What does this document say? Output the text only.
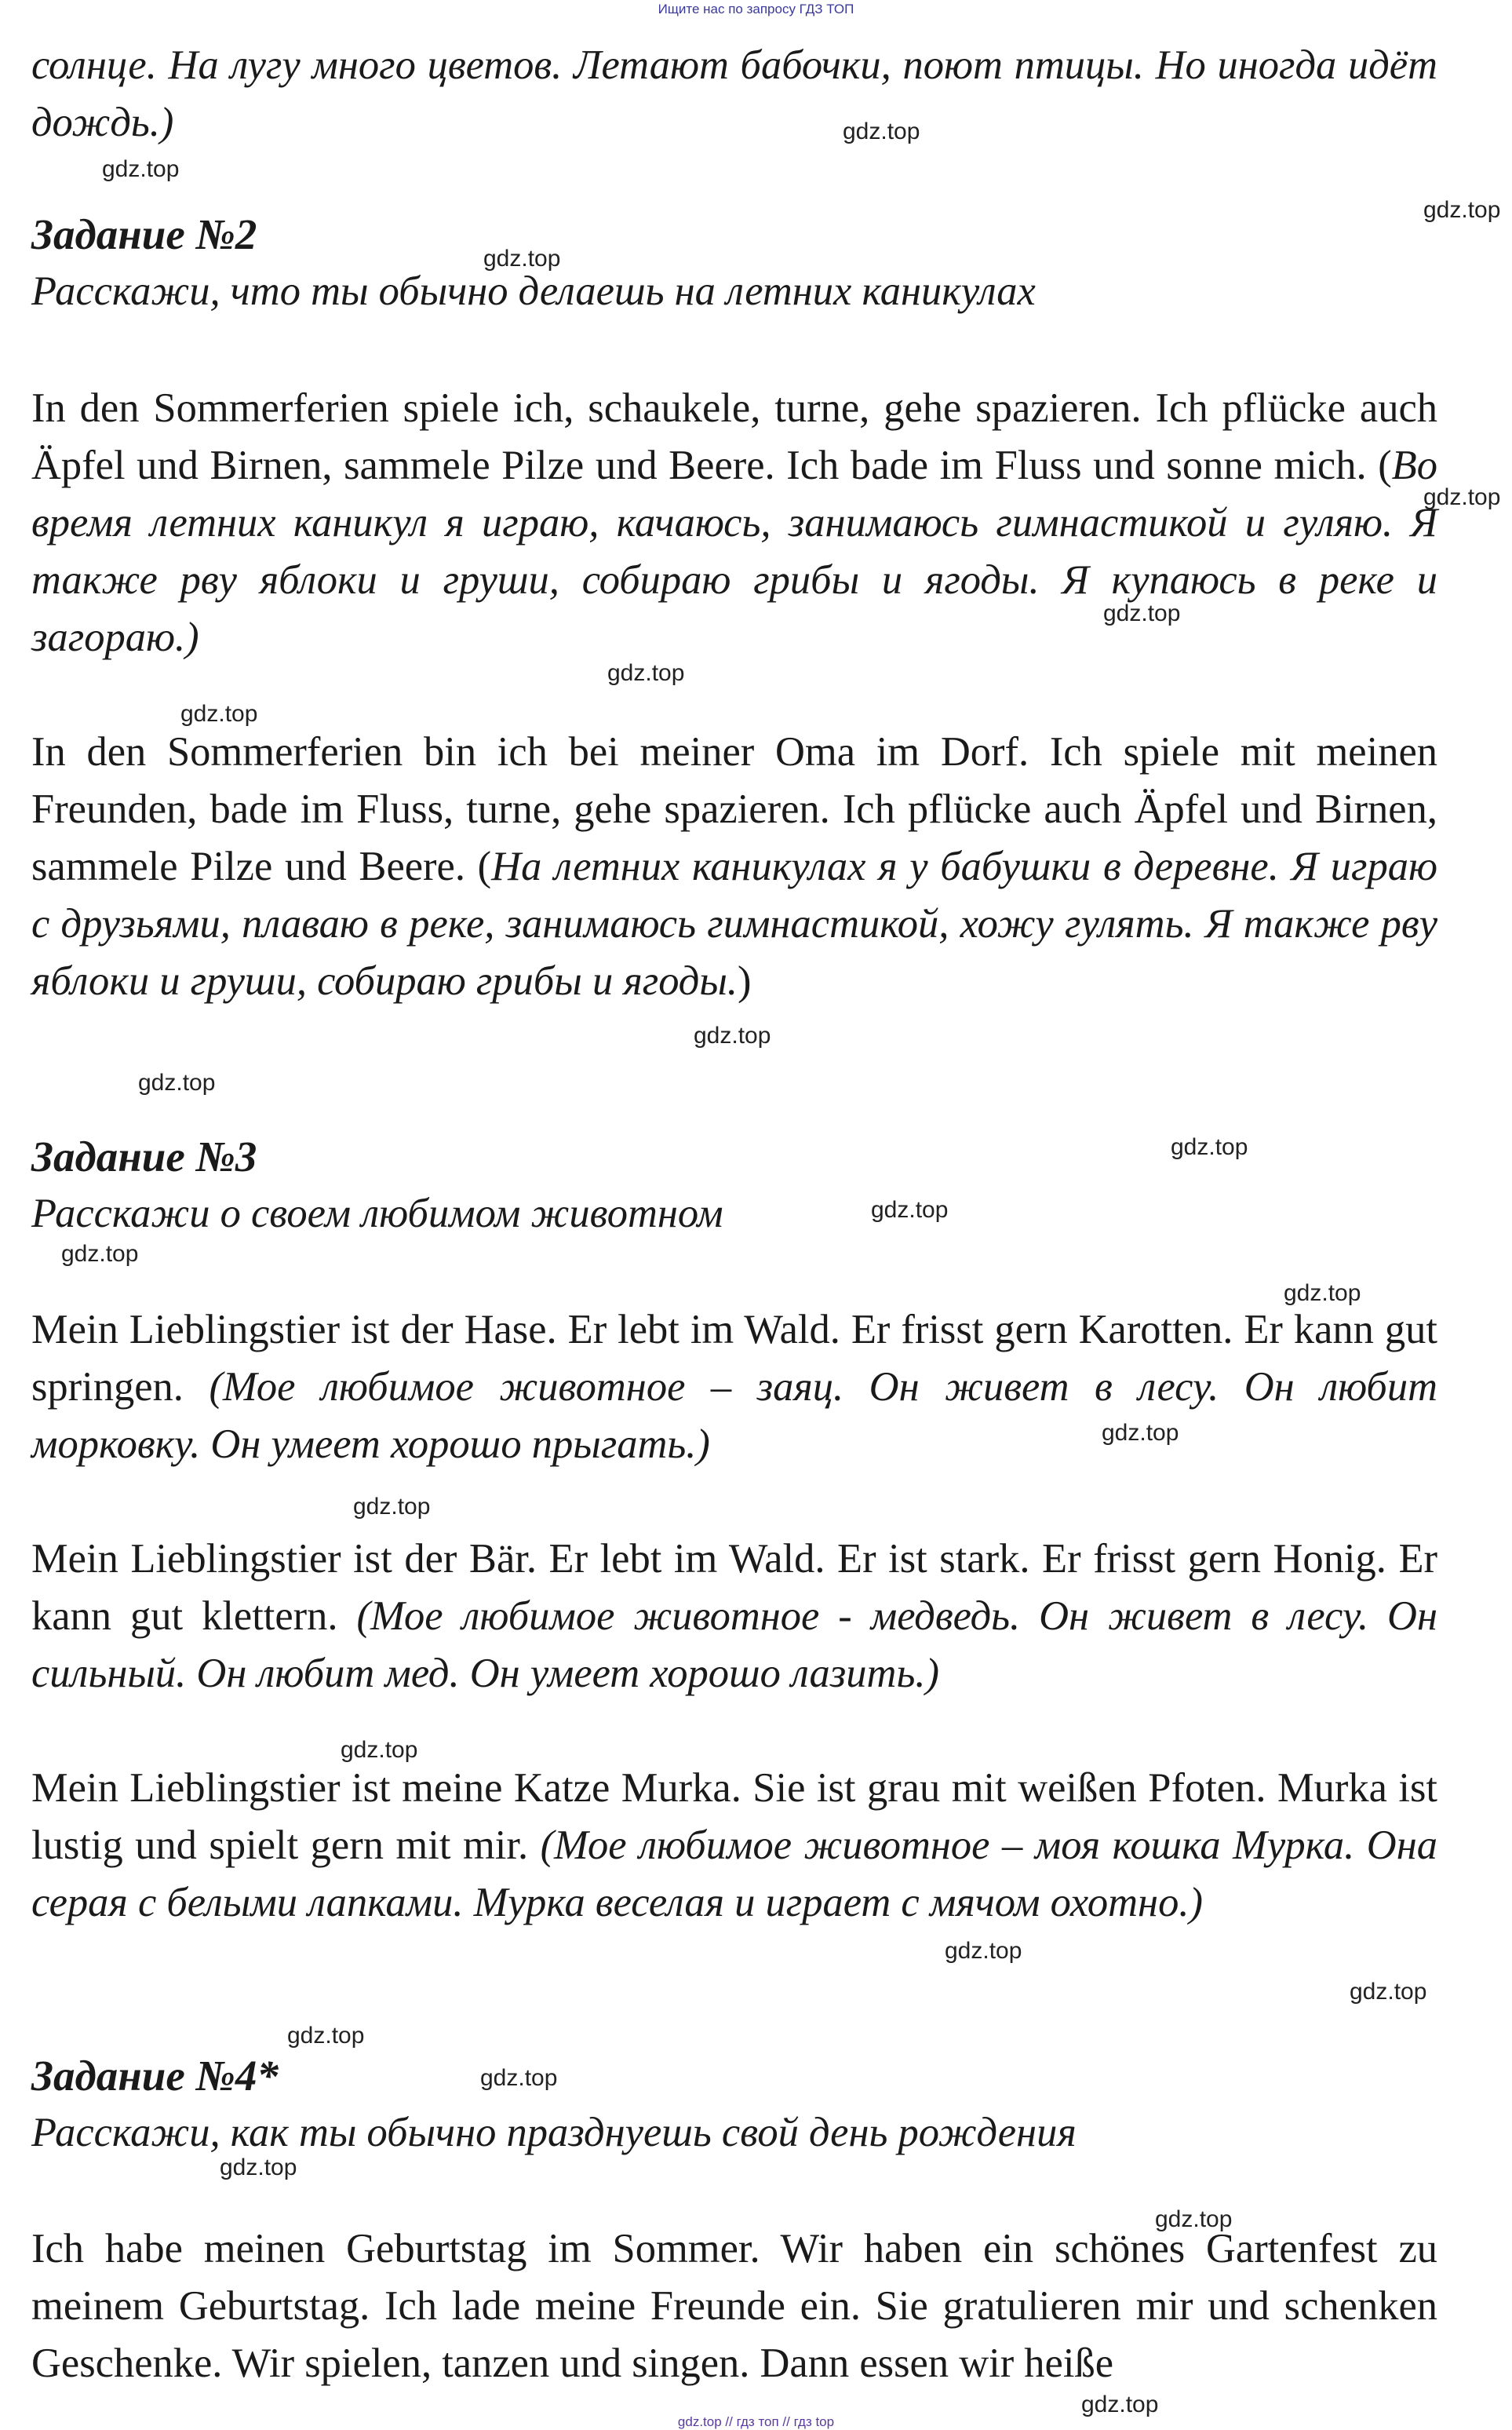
Ищите нас по запросу ГДЗ ТОП

солнце. На лугу много цветов. Летают бабочки, поют птицы. Но иногда идёт дождь.)

Задание №2

Расскажи, что ты обычно делаешь на летних каникулах

In den Sommerferien spiele ich, schaukele, turne, gehe spazieren. Ich pflücke auch Äpfel und Birnen, sammele Pilze und Beere. Ich bade im Fluss und sonne mich. (Во время летних каникул я играю, качаюсь, занимаюсь гимнастикой и гуляю. Я также рву яблоки и груши, собираю грибы и ягоды. Я купаюсь в реке и загораю.)

In den Sommerferien bin ich bei meiner Oma im Dorf. Ich spiele mit meinen Freunden, bade im Fluss, turne, gehe spazieren. Ich pflücke auch Äpfel und Birnen, sammele Pilze und Beere. (На летних каникулах я у бабушки в деревне. Я играю с друзьями, плаваю в реке, занимаюсь гимнастикой, хожу гулять. Я также рву яблоки и груши, собираю грибы и ягоды.)

Задание №3

Расскажи о своем любимом животном

Mein Lieblingstier ist der Hase. Er lebt im Wald. Er frisst gern Karotten. Er kann gut springen. (Мое любимое животное – заяц. Он живет в лесу. Он любит морковку. Он умеет хорошо прыгать.)

Mein Lieblingstier ist der Bär. Er lebt im Wald. Er ist stark. Er frisst gern Honig. Er kann gut klettern. (Мое любимое животное - медведь. Он живет в лесу. Он сильный. Он любит мед. Он умеет хорошо лазить.)

Mein Lieblingstier ist meine Katze Murka. Sie ist grau mit weißen Pfoten. Murka ist lustig und spielt gern mit mir. (Мое любимое животное – моя кошка Мурка. Она серая с белыми лапками. Мурка веселая и играет с мячом охотно.)

Задание №4*

Расскажи, как ты обычно празднуешь свой день рождения

Ich habe meinen Geburtstag im Sommer. Wir haben ein schönes Gartenfest zu meinem Geburtstag. Ich lade meine Freunde ein. Sie gratulieren mir und schenken Geschenke. Wir spielen, tanzen und singen. Dann essen wir heiße

gdz.top
gdz.top
gdz.top
gdz.top
gdz.top
gdz.top
gdz.top
gdz.top
gdz.top
gdz.top
gdz.top
gdz.top
gdz.top
gdz.top
gdz.top
gdz.top
gdz.top
gdz.top
gdz.top
gdz.top
gdz.top
gdz.top
gdz.top
gdz.top
gdz.top // гдз топ // гдз top
